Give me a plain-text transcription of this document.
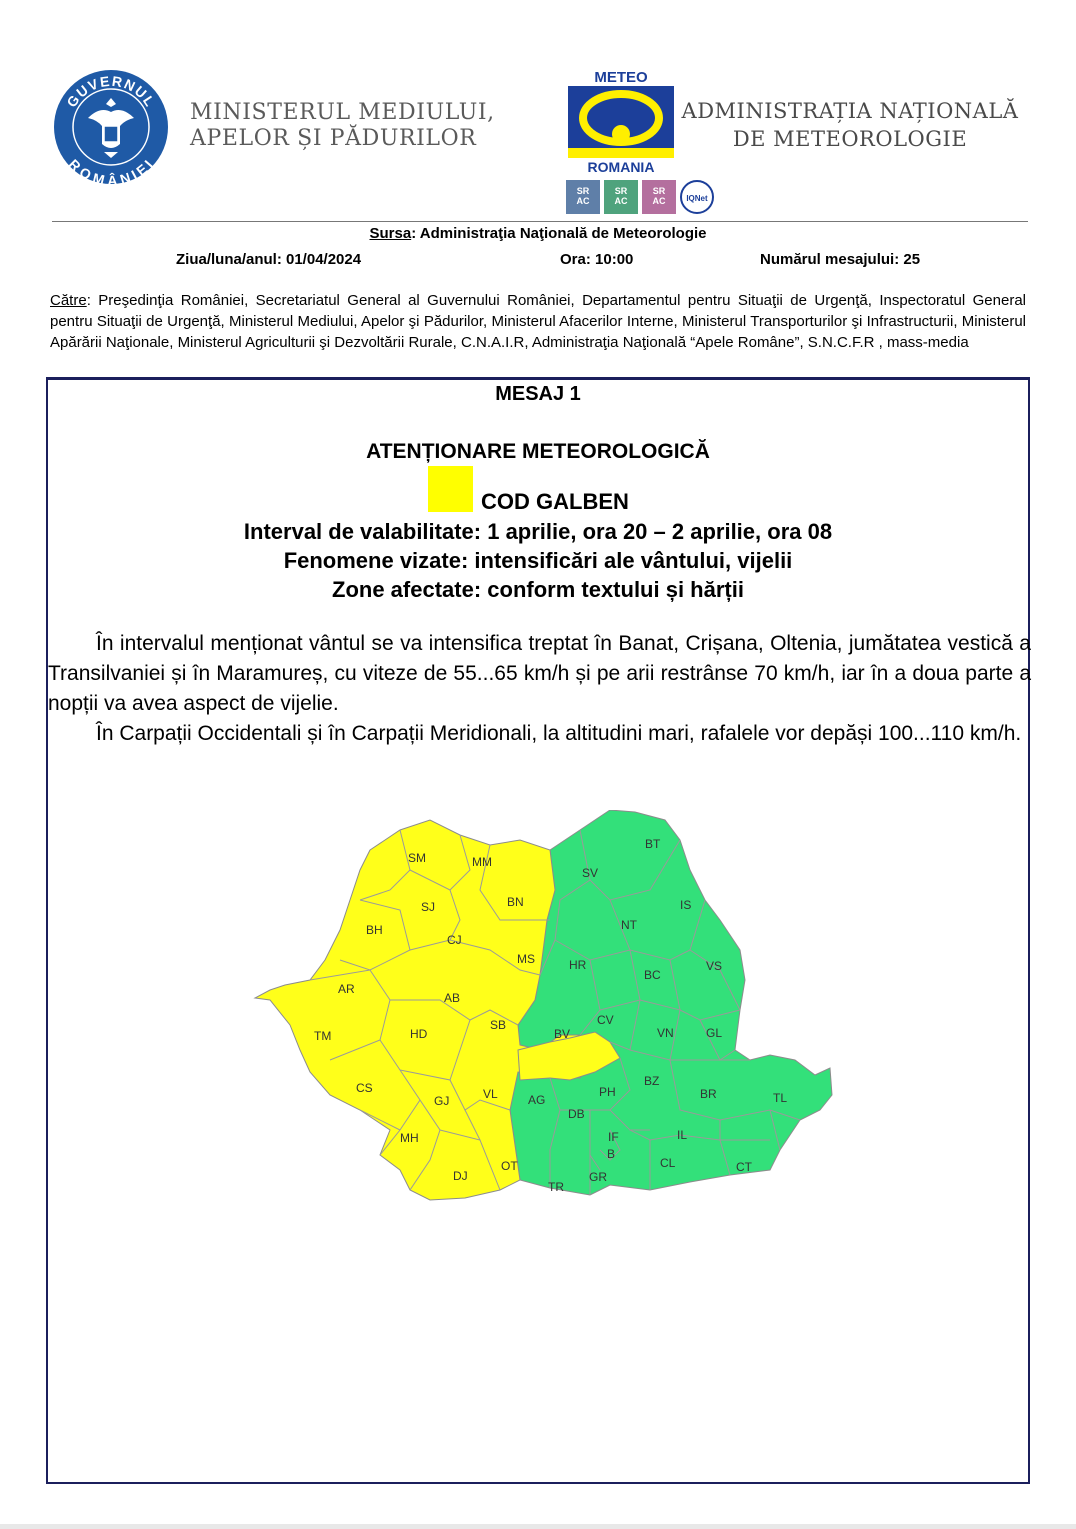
GUVERNUL
ROMÂNIEI
MINISTERUL MEDIULUI,
APELOR ȘI PĂDURILOR
METEO
ROMANIA
SR
AC
SR
AC
SR
AC	IQNet
ADMINISTRAȚIA NAȚIONALĂ
DE METEOROLOGIE
Sursa: Administraţia Naţională de Meteorologie
Ziua/luna/anul: 01/04/2024	Ora: 10:00	Numărul mesajului: 25
Către: Preşedinţia României, Secretariatul General al Guvernului României, Departamentul pentru Situaţii de Urgenţă, Inspectoratul General pentru Situaţii de Urgenţă, Ministerul Mediului, Apelor şi Pădurilor, Ministerul Afacerilor Interne, Ministerul Transporturilor şi Infrastructurii, Ministerul Apărării Naţionale, Ministerul Agriculturii şi Dezvoltării Rurale, C.N.A.I.R, Administraţia Naţională “Apele Române”, S.N.C.F.R , mass-media
MESAJ 1
ATENȚIONARE METEOROLOGICĂ
COD GALBEN
Interval de valabilitate: 1 aprilie, ora 20 – 2 aprilie, ora 08
Fenomene vizate: intensificări ale vântului, vijelii
Zone afectate: conform textului și hărții

În intervalul menționat vântul se va intensifica treptat în Banat, Crișana, Oltenia, jumătatea vestică a Transilvaniei și în Maramureș, cu viteze de 55...65 km/h și pe arii restrânse 70 km/h, iar în a doua parte a nopții va avea aspect de vijelie.

În Carpații Occidentali și în Carpații Meridionali, la altitudini mari, rafalele vor depăși 100...110 km/h.

SM	MM
SJ	BN
BH
CJ
MS
AR
AB
TM	HD
SB
CS
GJ	VL
MH
DJ
OT
BT
SV
IS
NT
HR
BC
VS
BV
CV
VN	GL
AG
PH
BZ
BR	TL
DB
IF
B
IL
CL	CT
TR
GR
